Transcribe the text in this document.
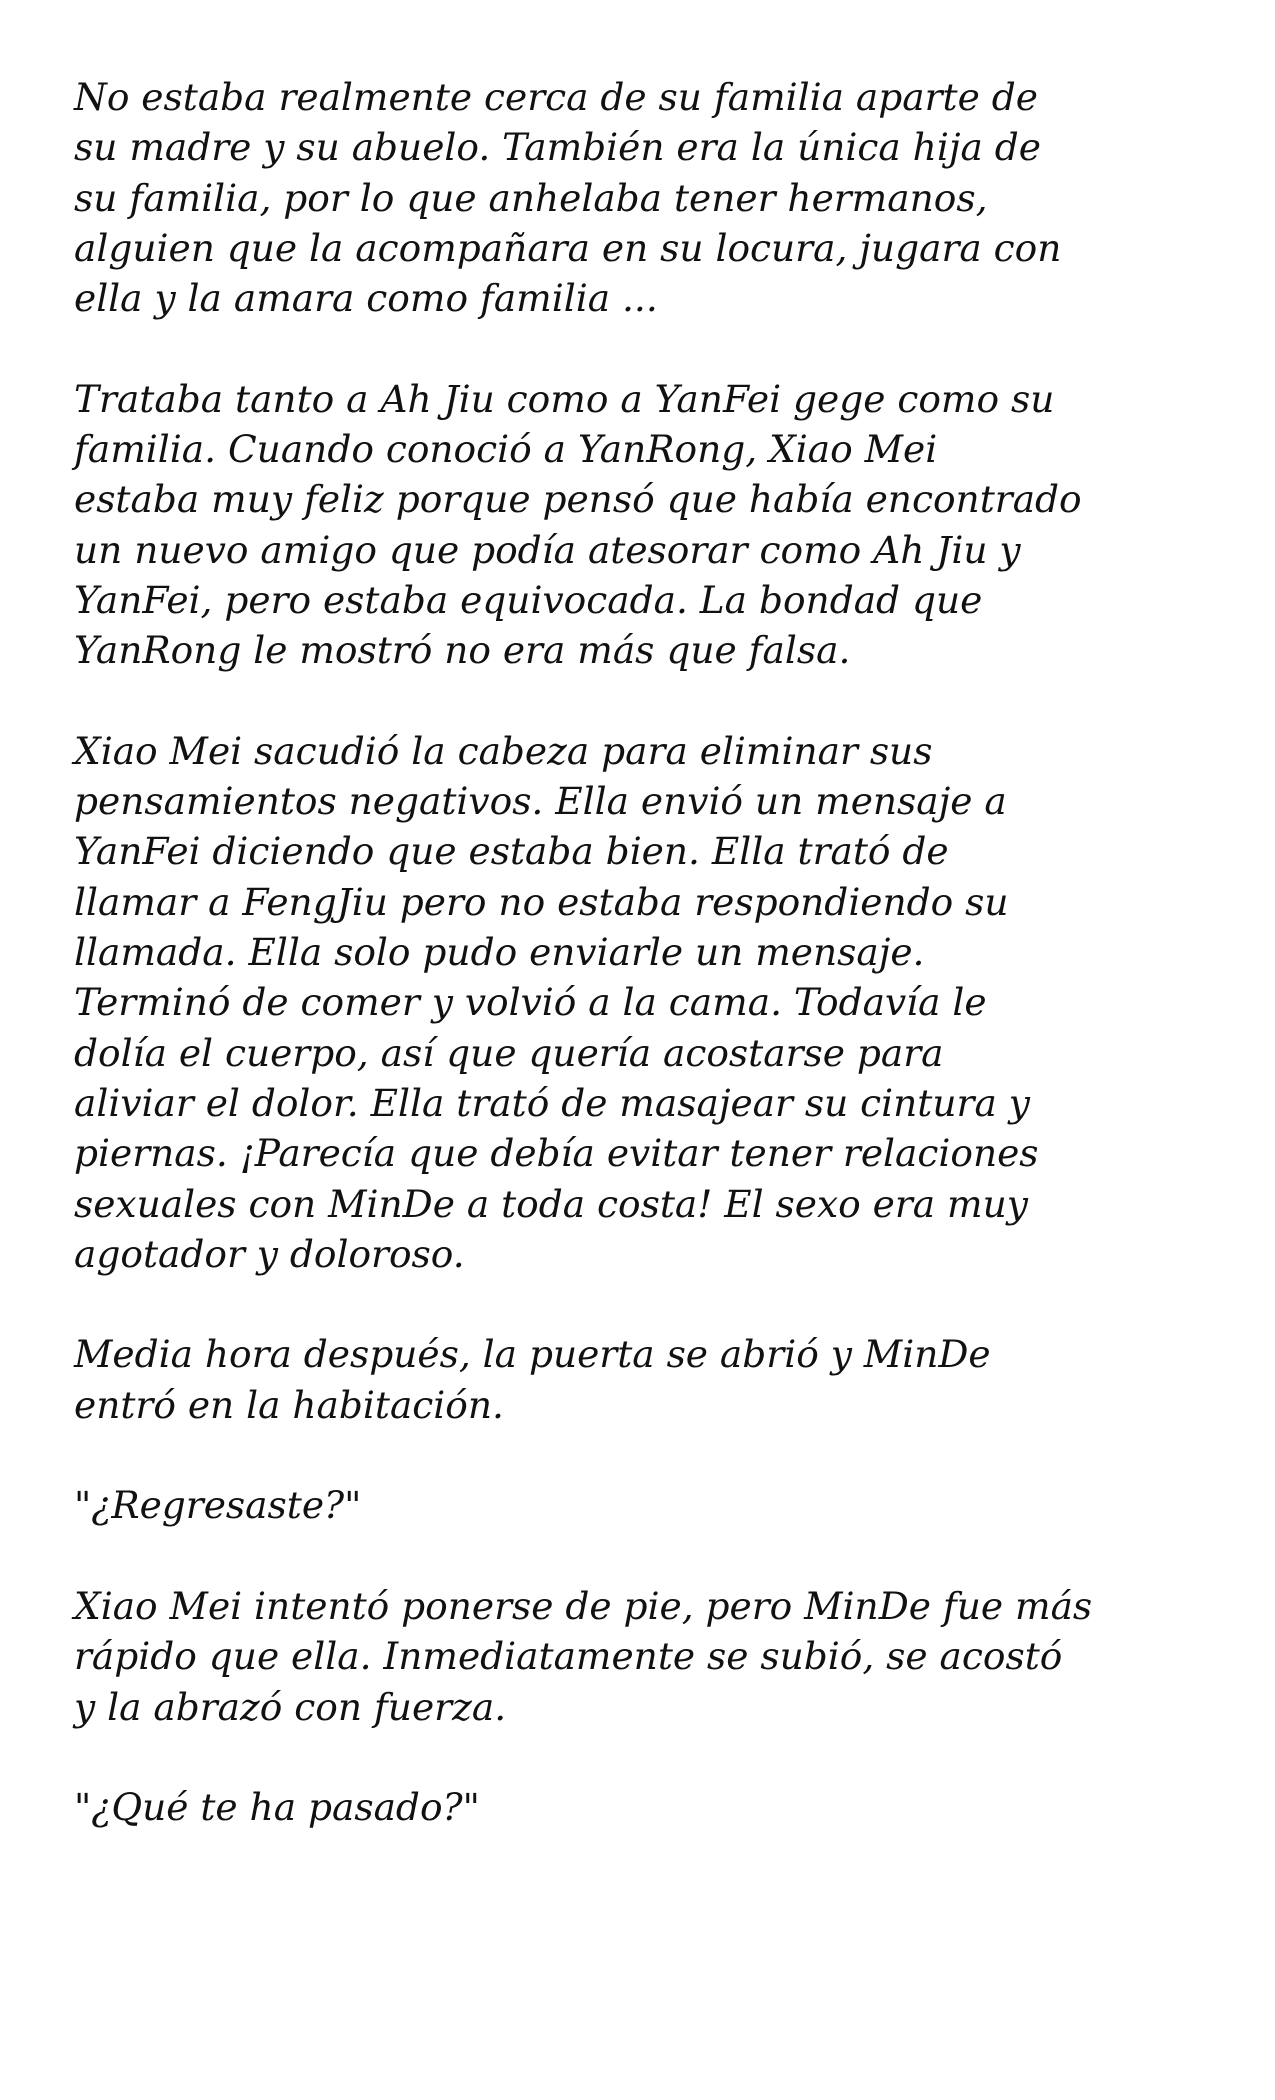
No estaba realmente cerca de su familia aparte de
su madre y su abuelo. También era la única hija de
su familia, por lo que anhelaba tener hermanos,
alguien que la acompañara en su locura, jugara con
ella y la amara como familia ...

Trataba tanto a Ah Jiu como a YanFei gege como su
familia. Cuando conoció a YanRong, Xiao Mei
estaba muy feliz porque pensó que había encontrado
un nuevo amigo que podía atesorar como Ah Jiu y
YanFei, pero estaba equivocada. La bondad que
YanRong le mostró no era más que falsa.

Xiao Mei sacudió la cabeza para eliminar sus
pensamientos negativos. Ella envió un mensaje a
YanFei diciendo que estaba bien. Ella trató de
llamar a FengJiu pero no estaba respondiendo su
llamada. Ella solo pudo enviarle un mensaje.
Terminó de comer y volvió a la cama. Todavía le
dolía el cuerpo, así que quería acostarse para
aliviar el dolor. Ella trató de masajear su cintura y
piernas. ¡Parecía que debía evitar tener relaciones
sexuales con MinDe a toda costa! El sexo era muy
agotador y doloroso.

Media hora después, la puerta se abrió y MinDe
entró en la habitación.

"¿Regresaste?"

Xiao Mei intentó ponerse de pie, pero MinDe fue más
rápido que ella. Inmediatamente se subió, se acostó
y la abrazó con fuerza.

"¿Qué te ha pasado?"
